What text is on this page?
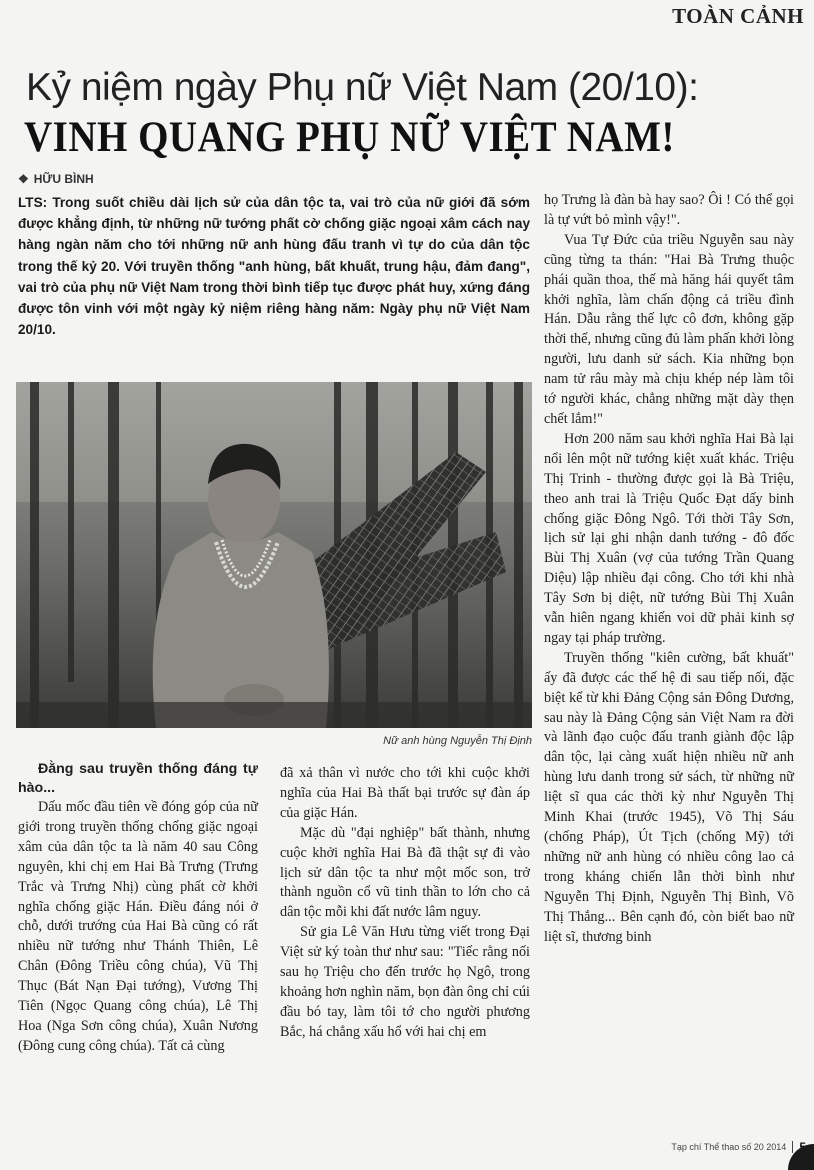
TOÀN CẢNH
Kỷ niệm ngày Phụ nữ Việt Nam (20/10):
VINH QUANG PHỤ NỮ VIỆT NAM!
❖ HỮU BÌNH
LTS: Trong suốt chiều dài lịch sử của dân tộc ta, vai trò của nữ giới đã sớm được khẳng định, từ những nữ tướng phất cờ chống giặc ngoại xâm cách nay hàng ngàn năm cho tới những nữ anh hùng đấu tranh vì tự do của dân tộc trong thế kỷ 20. Với truyền thống "anh hùng, bất khuất, trung hậu, đảm đang", vai trò của phụ nữ Việt Nam trong thời bình tiếp tục được phát huy, xứng đáng được tôn vinh với một ngày kỷ niệm riêng hàng năm: Ngày phụ nữ Việt Nam 20/10.
Nữ anh hùng Nguyễn Thị Định

Đằng sau truyền thống đáng tự hào...

Dấu mốc đầu tiên về đóng góp của nữ giới trong truyền thống chống giặc ngoại xâm của dân tộc ta là năm 40 sau Công nguyên, khi chị em Hai Bà Trưng (Trưng Trắc và Trưng Nhị) cùng phất cờ khởi nghĩa chống giặc Hán. Điều đáng nói ở chỗ, dưới trướng của Hai Bà cũng có rất nhiều nữ tướng như Thánh Thiên, Lê Chân (Đông Triều công chúa), Vũ Thị Thục (Bát Nạn Đại tướng), Vương Thị Tiên (Ngọc Quang công chúa), Lê Thị Hoa (Nga Sơn công chúa), Xuân Nương (Đông cung công chúa). Tất cả cùng

đã xả thân vì nước cho tới khi cuộc khởi nghĩa của Hai Bà thất bại trước sự đàn áp của giặc Hán.

Mặc dù "đại nghiệp" bất thành, nhưng cuộc khởi nghĩa Hai Bà đã thật sự đi vào lịch sử dân tộc ta như một mốc son, trở thành nguồn cổ vũ tinh thần to lớn cho cả dân tộc mỗi khi đất nước lâm nguy.

Sử gia Lê Văn Hưu từng viết trong Đại Việt sử ký toàn thư như sau: "Tiếc rằng nối sau họ Triệu cho đến trước họ Ngô, trong khoảng hơn nghìn năm, bọn đàn ông chỉ cúi đầu bó tay, làm tôi tớ cho người phương Bắc, há chẳng xấu hổ với hai chị em

họ Trưng là đàn bà hay sao? Ôi ! Có thể gọi là tự vứt bỏ mình vậy!".

Vua Tự Đức của triều Nguyễn sau này cũng từng ta thán: "Hai Bà Trưng thuộc phái quần thoa, thế mà hăng hái quyết tâm khởi nghĩa, làm chấn động cả triều đình Hán. Dẫu rằng thế lực cô đơn, không gặp thời thế, nhưng cũng đủ làm phấn khởi lòng người, lưu danh sử sách. Kia những bọn nam tử râu mày mà chịu khép nép làm tôi tớ người khác, chẳng những mặt dày thẹn chết lắm!"

Hơn 200 năm sau khởi nghĩa Hai Bà lại nổi lên một nữ tướng kiệt xuất khác. Triệu Thị Trinh - thường được gọi là Bà Triệu, theo anh trai là Triệu Quốc Đạt dấy binh chống giặc Đông Ngô. Tới thời Tây Sơn, lịch sử lại ghi nhận danh tướng - đô đốc Bùi Thị Xuân (vợ của tướng Trần Quang Diệu) lập nhiều đại công. Cho tới khi nhà Tây Sơn bị diệt, nữ tướng Bùi Thị Xuân vẫn hiên ngang khiến voi dữ phải kinh sợ ngay tại pháp trường.

Truyền thống "kiên cường, bất khuất" ấy đã được các thế hệ đi sau tiếp nối, đặc biệt kể từ khi Đảng Cộng sản Đông Dương, sau này là Đảng Cộng sản Việt Nam ra đời và lãnh đạo cuộc đấu tranh giành độc lập dân tộc, lại càng xuất hiện nhiều nữ anh hùng lưu danh trong sử sách, từ những nữ liệt sĩ qua các thời kỳ như Nguyễn Thị Minh Khai (trước 1945), Võ Thị Sáu (chống Pháp), Út Tịch (chống Mỹ) tới những nữ anh hùng có nhiều công lao cả trong kháng chiến lẫn thời bình như Nguyễn Thị Định, Nguyễn Thị Bình, Võ Thị Thắng... Bên cạnh đó, còn biết bao nữ liệt sĩ, thương binh

Tạp chí Thể thao số 20 2014
